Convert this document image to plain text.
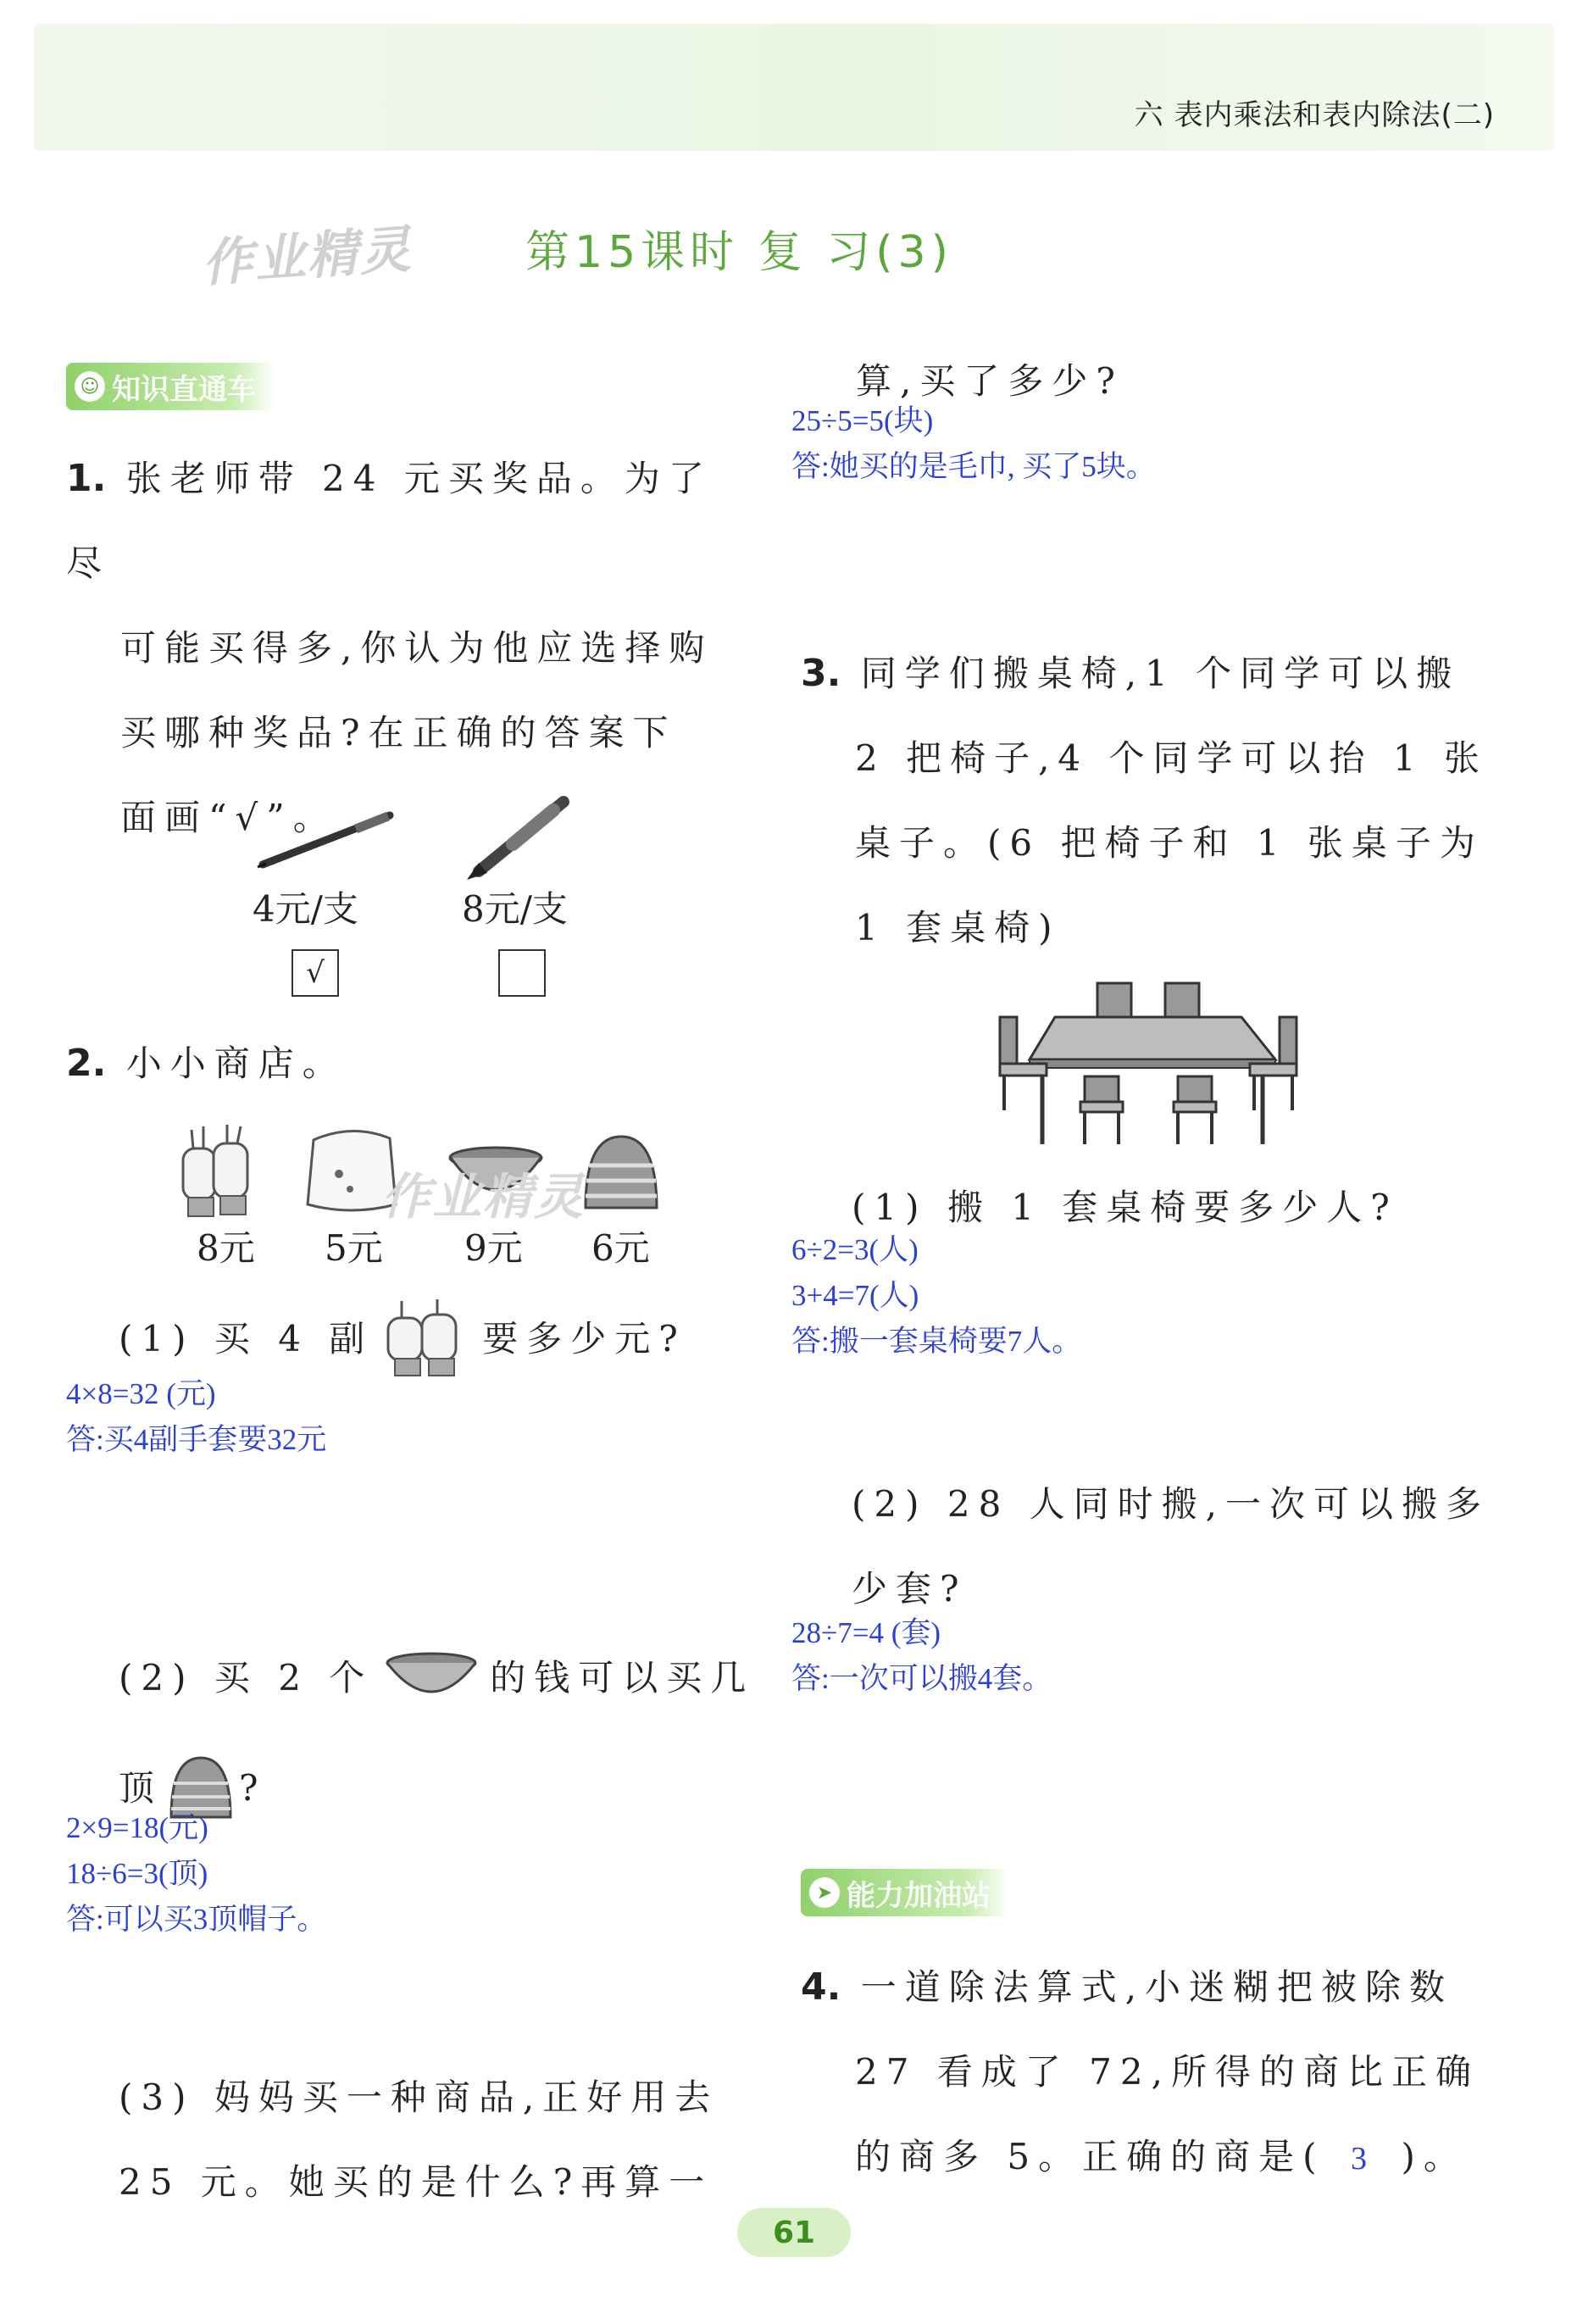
六 表内乘法和表内除法(二)
作业精灵	第15课时 复 习(3)
☺ 知识直通车
1. 张老师带 24 元买奖品。为了尽
可能买得多,你认为他应选择购
买哪种奖品?在正确的答案下
面画“√”。
4元/支	8元/支
√
2. 小小商店。
作业精灵
8元 5元 9元 6元
(1) 买 4 副	要多少元?
4×8=32 (元)
答:买4副手套要32元
(2) 买 2 个	的钱可以买几
顶 ?
2×9=18(元)
18÷6=3(顶)
答:可以买3顶帽子。
(3) 妈妈买一种商品,正好用去
25 元。她买的是什么?再算一
算,买了多少?
25÷5=5(块)
答:她买的是毛巾, 买了5块。
3. 同学们搬桌椅,1 个同学可以搬
2 把椅子,4 个同学可以抬 1 张
桌子。(6 把椅子和 1 张桌子为
1 套桌椅)
(1) 搬 1 套桌椅要多少人?
6÷2=3(人)
3+4=7(人)
答:搬一套桌椅要7人。
(2) 28 人同时搬,一次可以搬多
少套?
28÷7=4 (套)
答:一次可以搬4套。
➤ 能力加油站
4. 一道除法算式,小迷糊把被除数
27 看成了 72,所得的商比正确
的商多 5。正确的商是( 3 )。
61
